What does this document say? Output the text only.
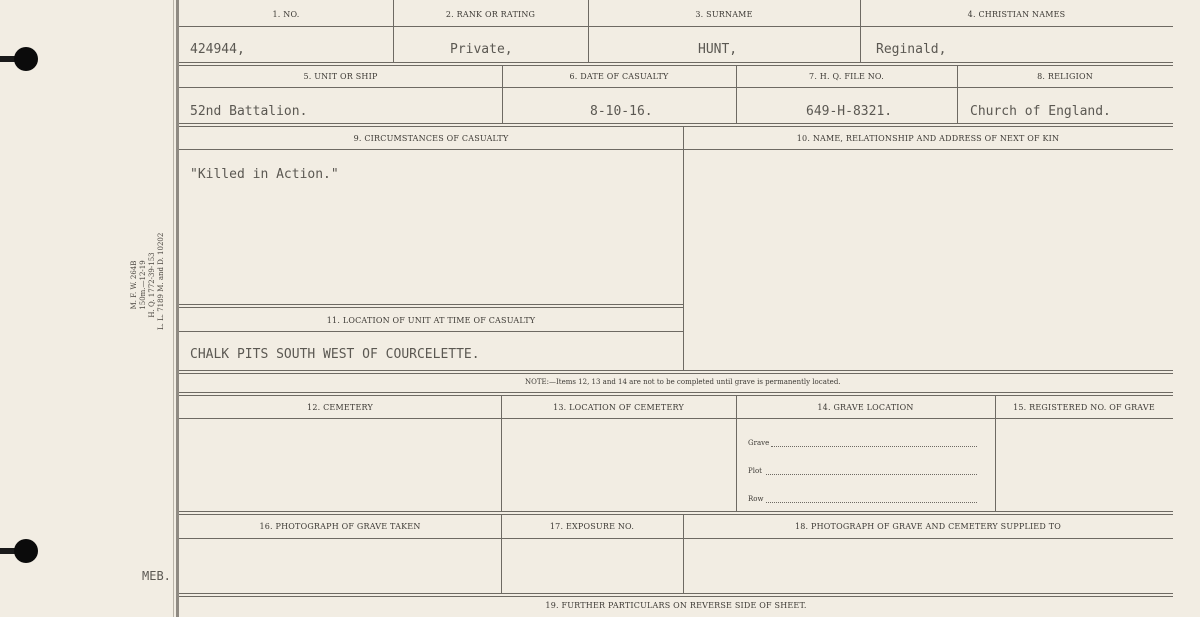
M. F. W. 264B 150m.—12-19 H. Q. 1772-39-153 L. L. 7189 M. and D. 10202
MEB.
1. NO.	2. RANK OR RATING	3. SURNAME	4. CHRISTIAN NAMES
424944,	Private,	HUNT,	Reginald,
5. UNIT OR SHIP	6. DATE OF CASUALTY	7. H. Q. FILE NO.	8. RELIGION
52nd Battalion.	8-10-16.	649-H-8321.	Church of England.
9. CIRCUMSTANCES OF CASUALTY	10. NAME, RELATIONSHIP AND ADDRESS OF NEXT OF KIN
"Killed in Action."
11. LOCATION OF UNIT AT TIME OF CASUALTY
CHALK PITS SOUTH WEST OF COURCELETTE.
NOTE:—Items 12, 13 and 14 are not to be completed until grave is permanently located.
12. CEMETERY	13. LOCATION OF CEMETERY	14. GRAVE LOCATION	15. REGISTERED NO. OF GRAVE
Grave
Plot
Row
16. PHOTOGRAPH OF GRAVE TAKEN	17. EXPOSURE NO.	18. PHOTOGRAPH OF GRAVE AND CEMETERY SUPPLIED TO
19. FURTHER PARTICULARS ON REVERSE SIDE OF SHEET.
